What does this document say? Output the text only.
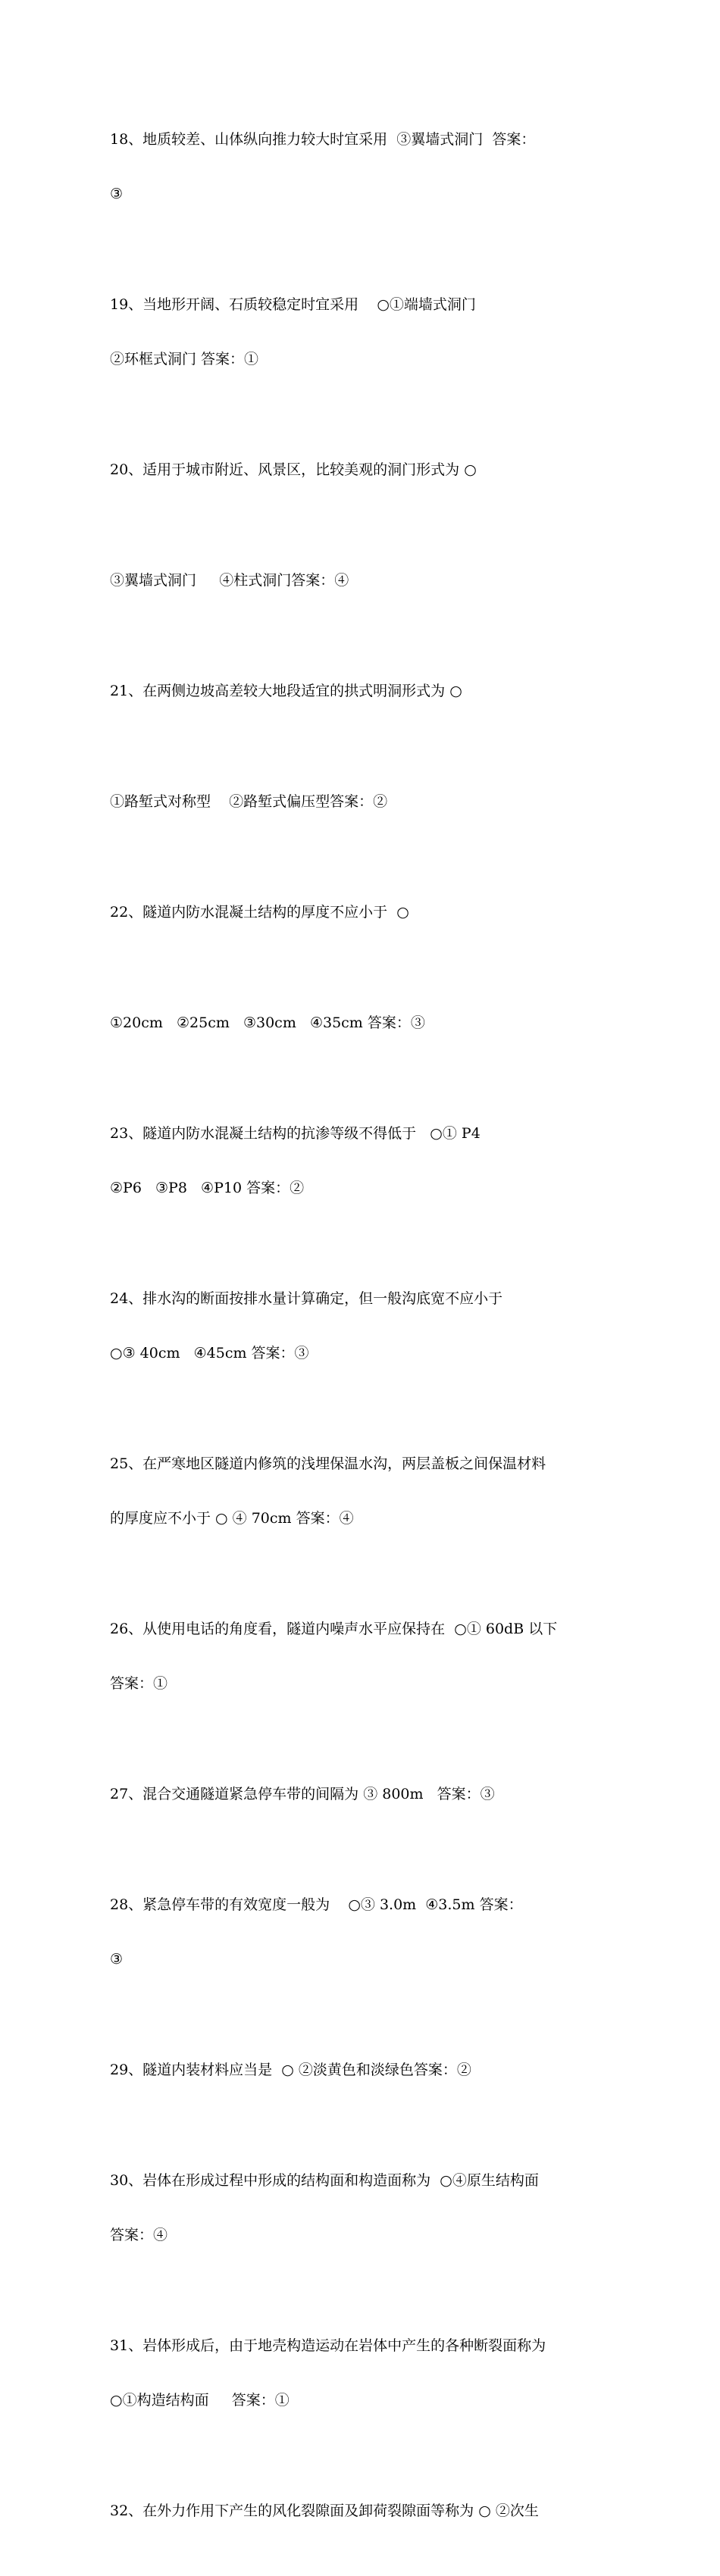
18、地质较差、山体纵向推力较大时宜采用  ③翼墙式洞门  答案：

③

19、当地形开阔、石质较稳定时宜采用    ○①端墙式洞门

②环框式洞门 答案：①

20、适用于城市附近、风景区，比较美观的洞门形式为 ○

③翼墙式洞门     ④柱式洞门答案：④

21、在两侧边坡高差较大地段适宜的拱式明洞形式为 ○

①路堑式对称型    ②路堑式偏压型答案：②

22、隧道内防水混凝土结构的厚度不应小于  ○

①20cm   ②25cm   ③30cm   ④35cm 答案：③

23、隧道内防水混凝土结构的抗渗等级不得低于   ○① P4

②P6   ③P8   ④P10 答案：②

24、排水沟的断面按排水量计算确定，但一般沟底宽不应小于

○③ 40cm   ④45cm 答案：③

25、在严寒地区隧道内修筑的浅埋保温水沟，两层盖板之间保温材料

的厚度应不小于 ○ ④ 70cm 答案：④

26、从使用电话的角度看，隧道内噪声水平应保持在  ○① 60dB 以下

答案：①

27、混合交通隧道紧急停车带的间隔为 ③ 800m   答案：③

28、紧急停车带的有效宽度一般为    ○③ 3.0m  ④3.5m 答案：

③

29、隧道内装材料应当是  ○ ②淡黄色和淡绿色答案：②

30、岩体在形成过程中形成的结构面和构造面称为  ○④原生结构面

答案：④

31、岩体形成后，由于地壳构造运动在岩体中产生的各种断裂面称为

○①构造结构面     答案：①

32、在外力作用下产生的风化裂隙面及卸荷裂隙面等称为 ○ ②次生
